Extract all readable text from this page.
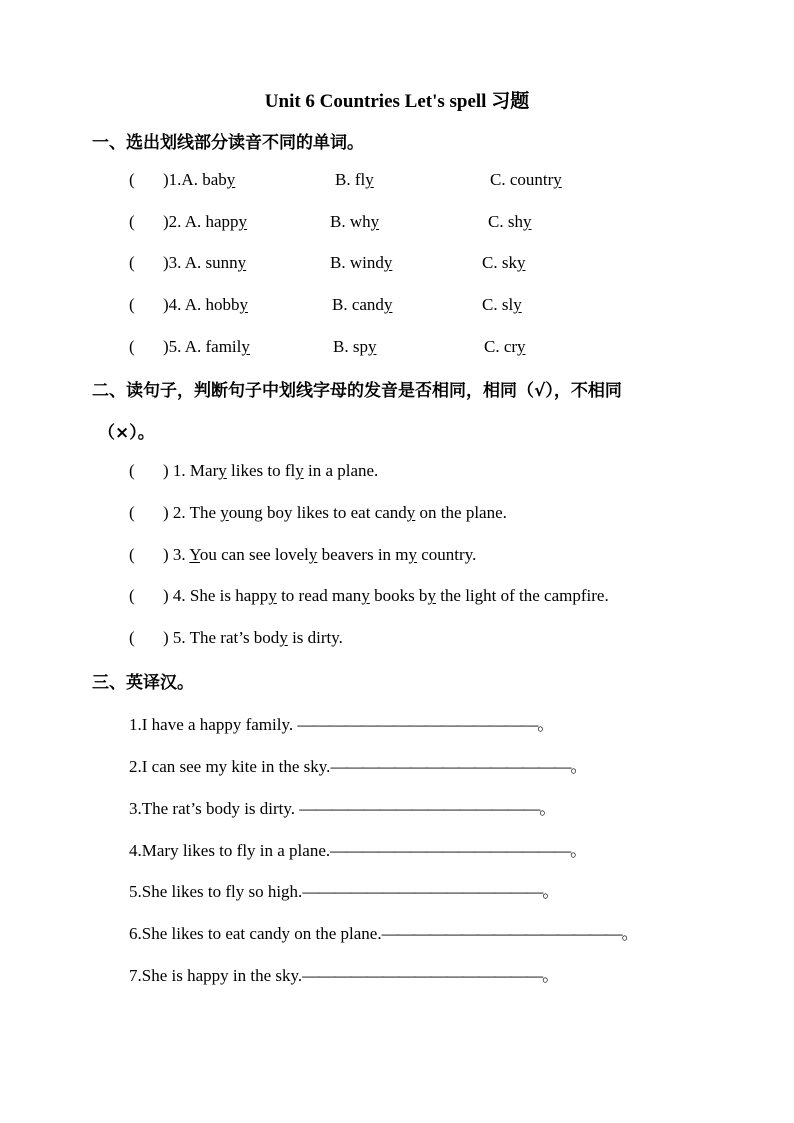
Unit 6 Countries Let's spell 习题
一、选出划线部分读音不同的单词。
( )1.A. baby	B. fly	C. country
( )2. A. happy	B. why	C. shy
( )3. A. sunny	B. windy	C. sky
( )4. A. hobby	B. candy	C. sly
( )5. A. family	B. spy	C. cry
二、读句子，判断句子中划线字母的发音是否相同，相同（√），不相同
（×）。
( ) 1. Mary likes to fly in a plane.
( ) 2. The young boy likes to eat candy on the plane.
( ) 3. You can see lovely beavers in my country.
( ) 4. She is happy to read many books by the light of the campfire.
( ) 5. The rat’s body is dirty.
三、英译汉。
1.I have a happy family. ———————————————。
2.I can see my kite in the sky.———————————————。
3.The rat’s body is dirty. ———————————————。
4.Mary likes to fly in a plane.———————————————。
5.She likes to fly so high.———————————————。
6.She likes to eat candy on the plane.———————————————。
7.She is happy in the sky.———————————————。
